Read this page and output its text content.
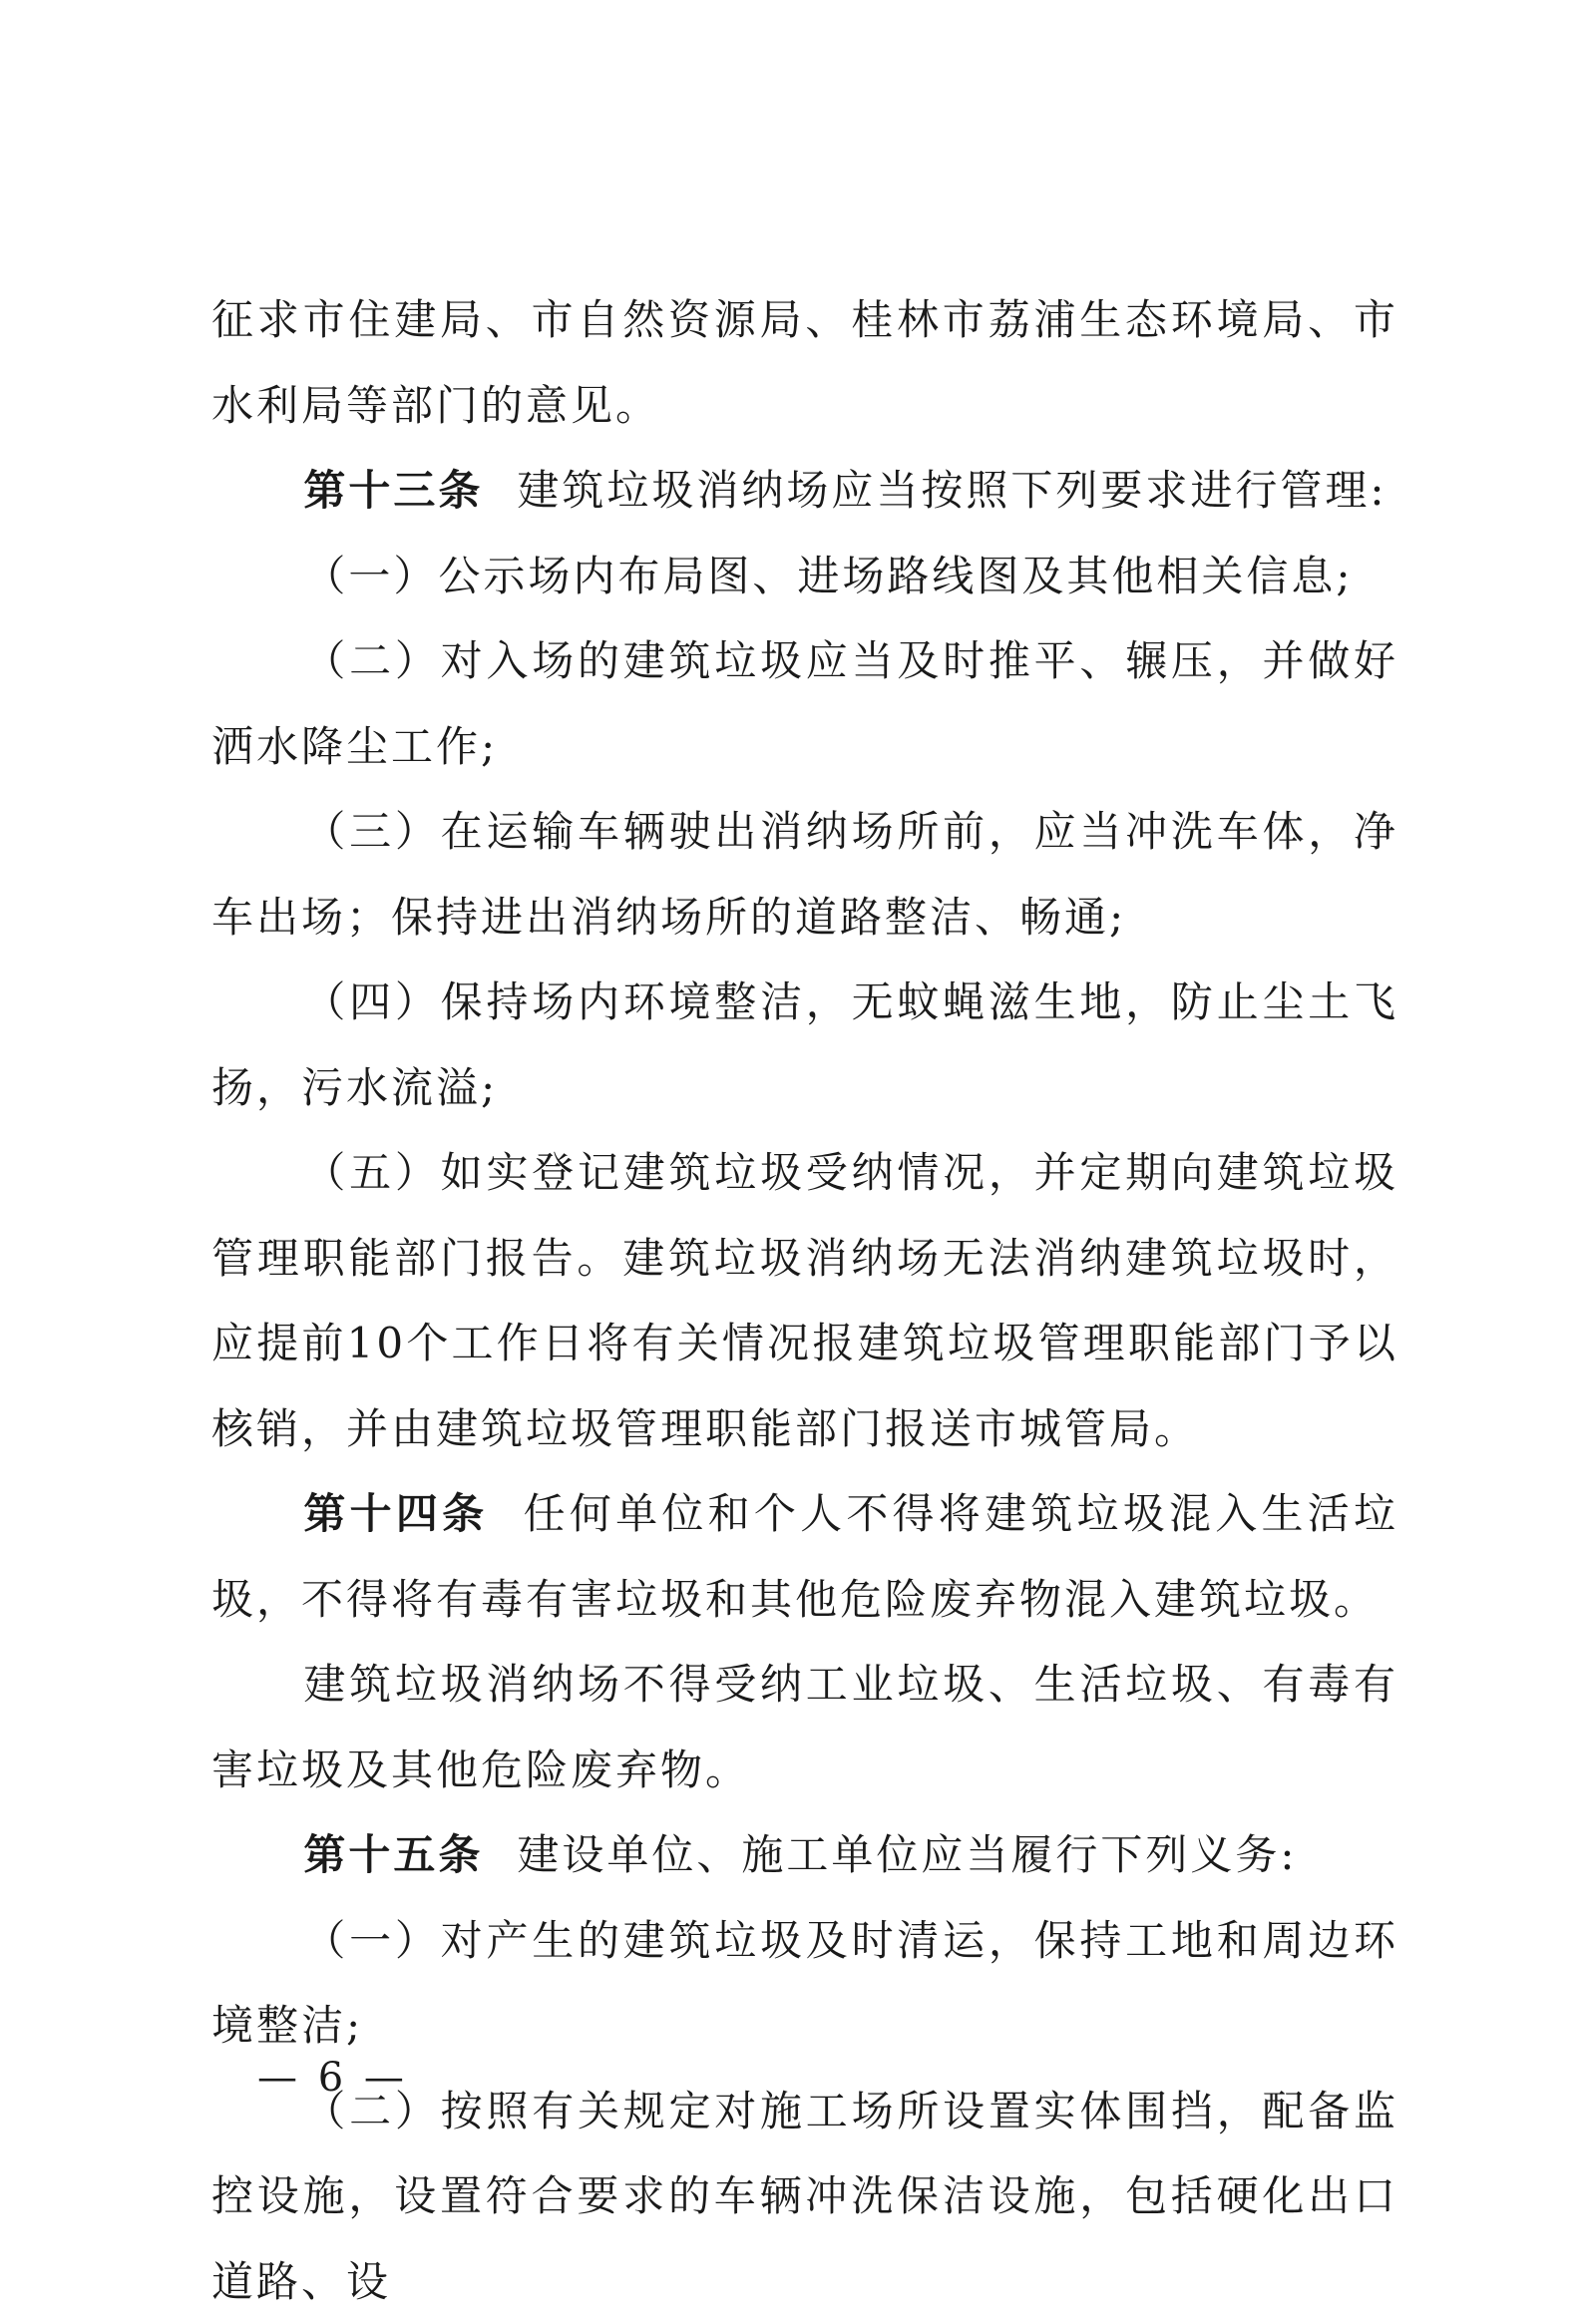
征求市住建局、市自然资源局、桂林市荔浦生态环境局、市水利局等部门的意见。

第十三条 建筑垃圾消纳场应当按照下列要求进行管理:

（一）公示场内布局图、进场路线图及其他相关信息;

（二）对入场的建筑垃圾应当及时推平、辗压，并做好洒水降尘工作;

（三）在运输车辆驶出消纳场所前，应当冲洗车体，净车出场；保持进出消纳场所的道路整洁、畅通;

（四）保持场内环境整洁，无蚊蝇滋生地，防止尘土飞扬，污水流溢;

（五）如实登记建筑垃圾受纳情况，并定期向建筑垃圾管理职能部门报告。建筑垃圾消纳场无法消纳建筑垃圾时，应提前10个工作日将有关情况报建筑垃圾管理职能部门予以核销，并由建筑垃圾管理职能部门报送市城管局。

第十四条 任何单位和个人不得将建筑垃圾混入生活垃圾，不得将有毒有害垃圾和其他危险废弃物混入建筑垃圾。

建筑垃圾消纳场不得受纳工业垃圾、生活垃圾、有毒有害垃圾及其他危险废弃物。

第十五条 建设单位、施工单位应当履行下列义务:

（一）对产生的建筑垃圾及时清运，保持工地和周边环境整洁;

（二）按照有关规定对施工场所设置实体围挡，配备监控设施，设置符合要求的车辆冲洗保洁设施，包括硬化出口道路、设

— 6 —
